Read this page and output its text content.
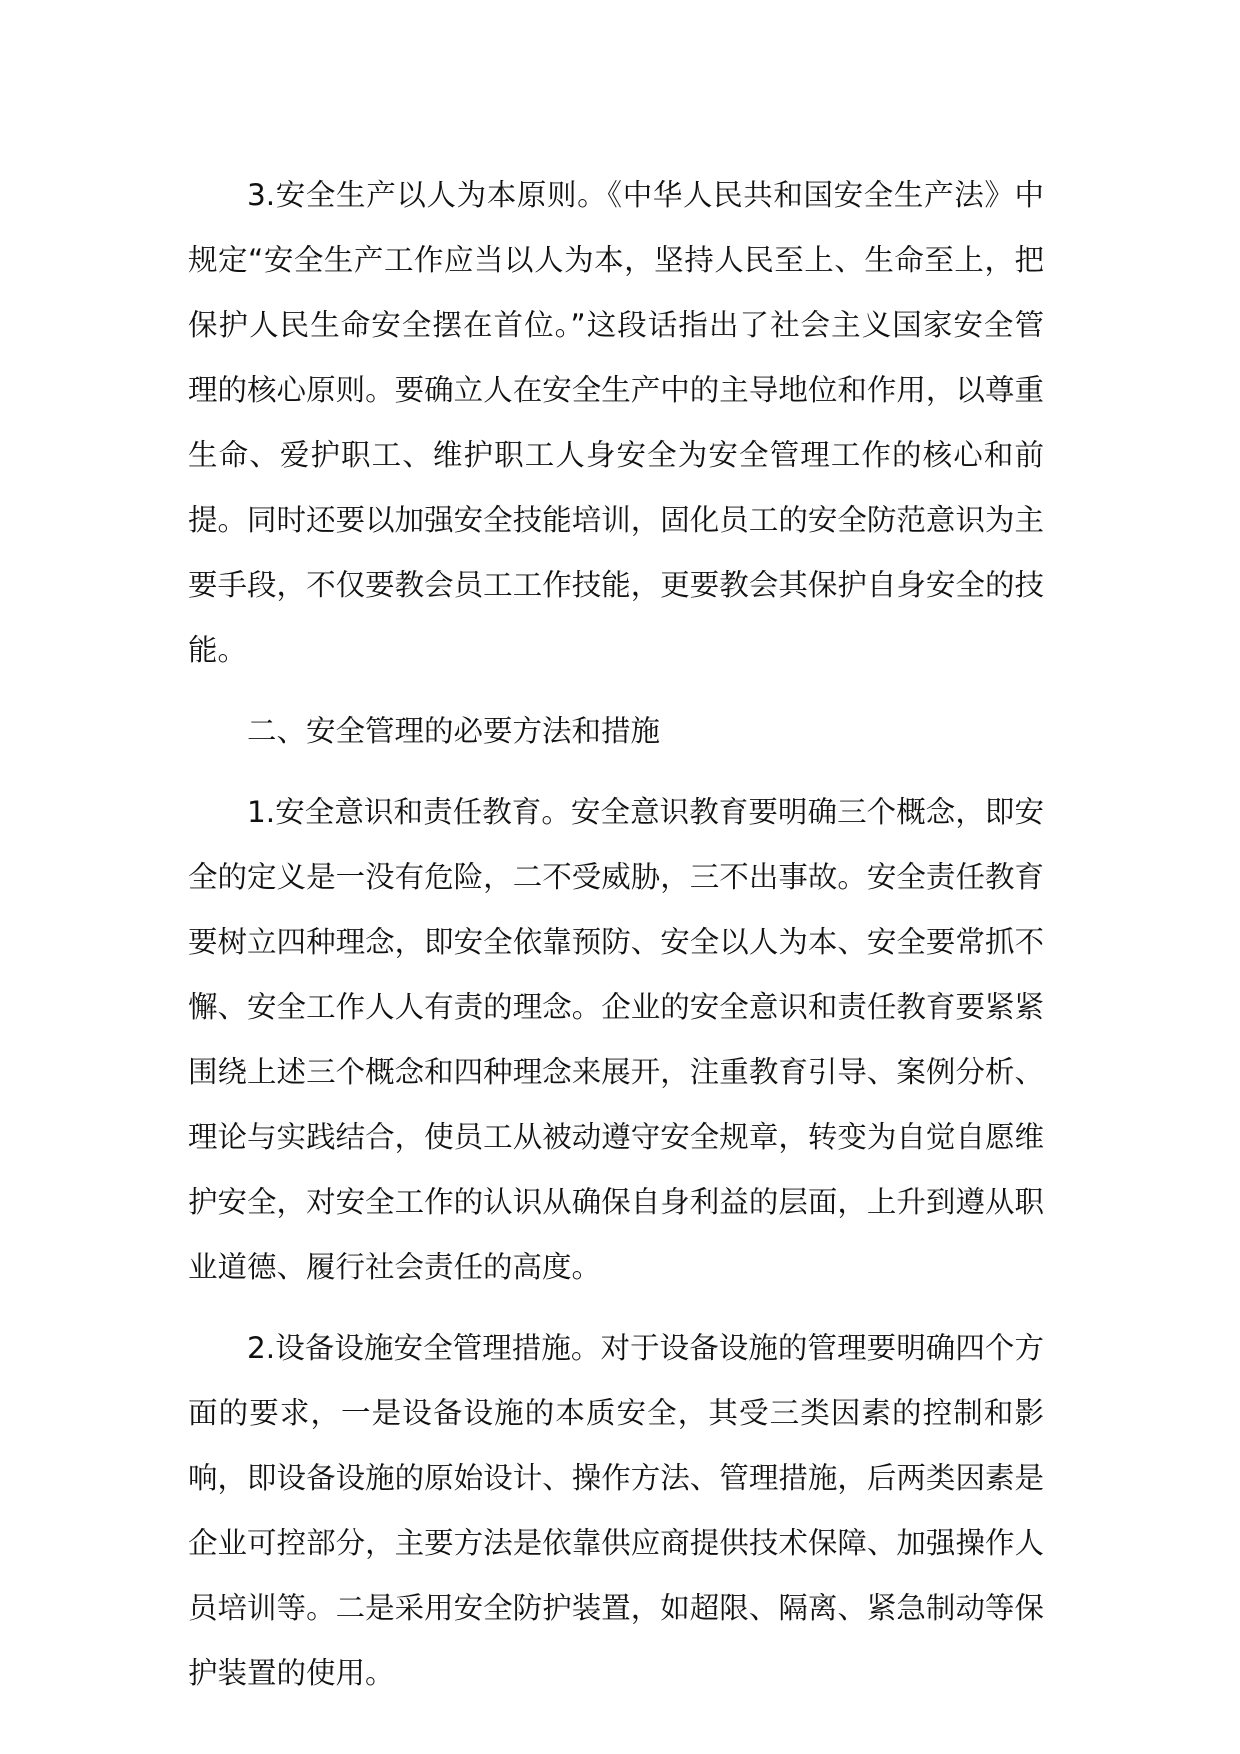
3.安全生产以人为本原则。《中华人民共和国安全生产法》中规定“安全生产工作应当以人为本，坚持人民至上、生命至上，把保护人民生命安全摆在首位。”这段话指出了社会主义国家安全管理的核心原则。要确立人在安全生产中的主导地位和作用，以尊重生命、爱护职工、维护职工人身安全为安全管理工作的核心和前提。同时还要以加强安全技能培训，固化员工的安全防范意识为主要手段，不仅要教会员工工作技能，更要教会其保护自身安全的技能。

二、安全管理的必要方法和措施

1.安全意识和责任教育。安全意识教育要明确三个概念，即安全的定义是一没有危险，二不受威胁，三不出事故。安全责任教育要树立四种理念，即安全依靠预防、安全以人为本、安全要常抓不懈、安全工作人人有责的理念。企业的安全意识和责任教育要紧紧围绕上述三个概念和四种理念来展开，注重教育引导、案例分析、理论与实践结合，使员工从被动遵守安全规章，转变为自觉自愿维护安全，对安全工作的认识从确保自身利益的层面，上升到遵从职业道德、履行社会责任的高度。

2.设备设施安全管理措施。对于设备设施的管理要明确四个方面的要求，一是设备设施的本质安全，其受三类因素的控制和影响，即设备设施的原始设计、操作方法、管理措施，后两类因素是企业可控部分，主要方法是依靠供应商提供技术保障、加强操作人员培训等。二是采用安全防护装置，如超限、隔离、紧急制动等保护装置的使用。
